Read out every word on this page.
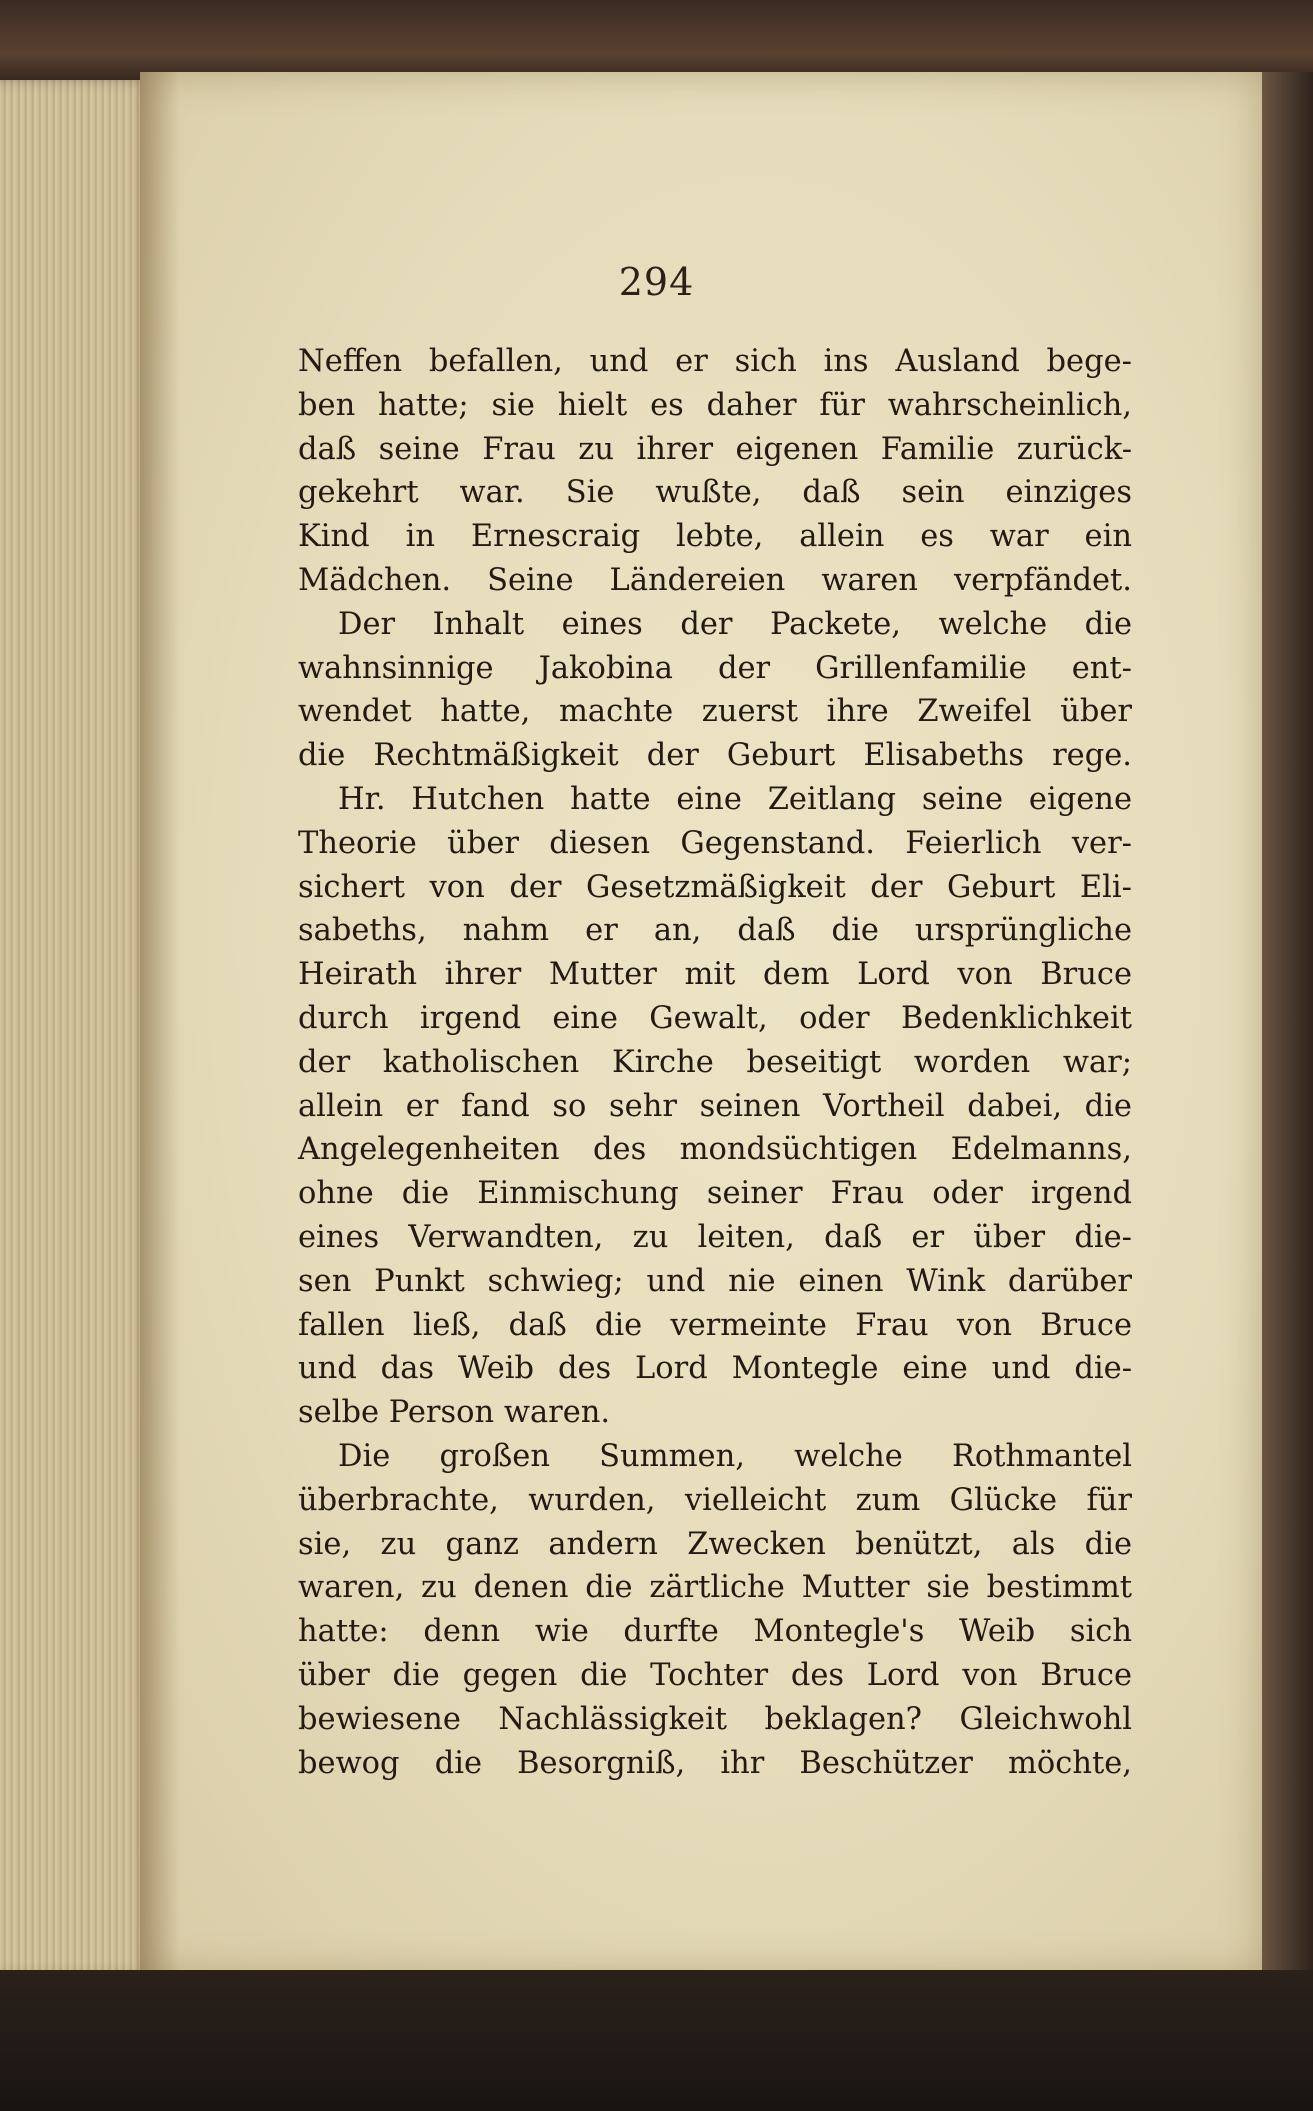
294
Neffen befallen, und er sich ins Ausland bege-
ben hatte; sie hielt es daher für wahrscheinlich,
daß seine Frau zu ihrer eigenen Familie zurück-
gekehrt war. Sie wußte, daß sein einziges
Kind in Ernescraig lebte, allein es war ein
Mädchen. Seine Ländereien waren verpfändet.
Der Inhalt eines der Packete, welche die
wahnsinnige Jakobina der Grillenfamilie ent-
wendet hatte, machte zuerst ihre Zweifel über
die Rechtmäßigkeit der Geburt Elisabeths rege.
Hr. Hutchen hatte eine Zeitlang seine eigene
Theorie über diesen Gegenstand. Feierlich ver-
sichert von der Gesetzmäßigkeit der Geburt Eli-
sabeths, nahm er an, daß die ursprüngliche
Heirath ihrer Mutter mit dem Lord von Bruce
durch irgend eine Gewalt, oder Bedenklichkeit
der katholischen Kirche beseitigt worden war;
allein er fand so sehr seinen Vortheil dabei, die
Angelegenheiten des mondsüchtigen Edelmanns,
ohne die Einmischung seiner Frau oder irgend
eines Verwandten, zu leiten, daß er über die-
sen Punkt schwieg; und nie einen Wink darüber
fallen ließ, daß die vermeinte Frau von Bruce
und das Weib des Lord Montegle eine und die-
selbe Person waren.
Die großen Summen, welche Rothmantel
überbrachte, wurden, vielleicht zum Glücke für
sie, zu ganz andern Zwecken benützt, als die
waren, zu denen die zärtliche Mutter sie bestimmt
hatte: denn wie durfte Montegle's Weib sich
über die gegen die Tochter des Lord von Bruce
bewiesene Nachlässigkeit beklagen? Gleichwohl
bewog die Besorgniß, ihr Beschützer möchte,
